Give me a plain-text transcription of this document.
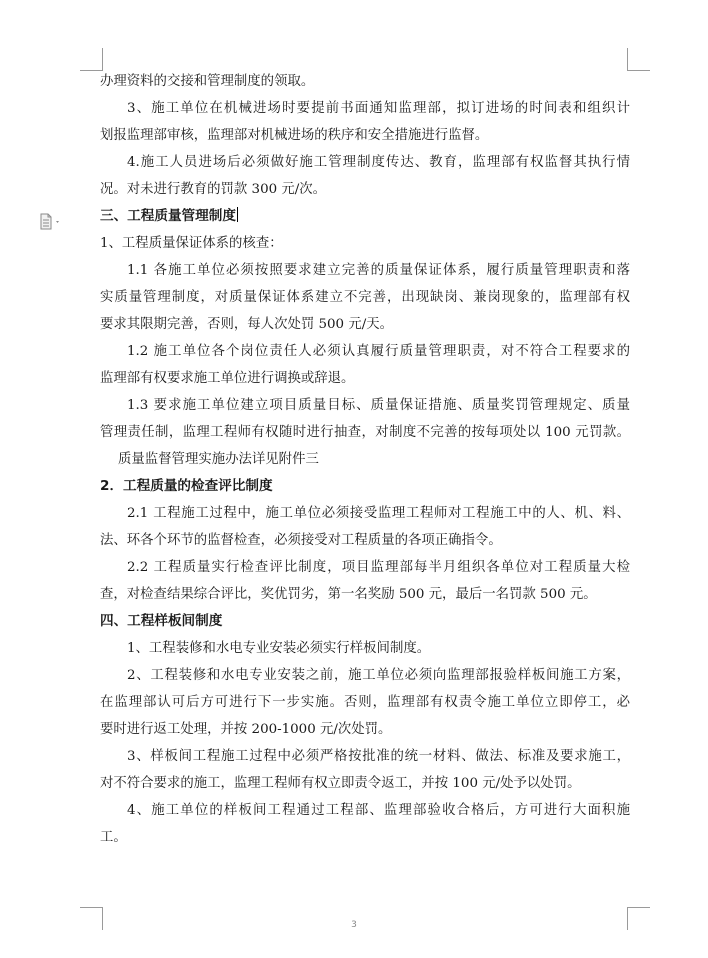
办理资料的交接和管理制度的领取。
3、施工单位在机械进场时要提前书面通知监理部，拟订进场的时间表和组织计
划报监理部审核，监理部对机械进场的秩序和安全措施进行监督。
4.施工人员进场后必须做好施工管理制度传达、教育，监理部有权监督其执行情
况。对未进行教育的罚款 300 元/次。
三、工程质量管理制度
1、工程质量保证体系的核查：
1.1 各施工单位必须按照要求建立完善的质量保证体系，履行质量管理职责和落
实质量管理制度，对质量保证体系建立不完善，出现缺岗、兼岗现象的，监理部有权
要求其限期完善，否则，每人次处罚 500 元/天。
1.2 施工单位各个岗位责任人必须认真履行质量管理职责，对不符合工程要求的
监理部有权要求施工单位进行调换或辞退。
1.3 要求施工单位建立项目质量目标、质量保证措施、质量奖罚管理规定、质量
管理责任制，监理工程师有权随时进行抽查，对制度不完善的按每项处以 100 元罚款。
质量监督管理实施办法详见附件三
2．工程质量的检查评比制度
2.1 工程施工过程中，施工单位必须接受监理工程师对工程施工中的人、机、料、
法、环各个环节的监督检查，必须接受对工程质量的各项正确指令。
2.2 工程质量实行检查评比制度，项目监理部每半月组织各单位对工程质量大检
查，对检查结果综合评比，奖优罚劣，第一名奖励 500 元，最后一名罚款 500 元。
四、工程样板间制度
1、工程装修和水电专业安装必须实行样板间制度。
2、工程装修和水电专业安装之前，施工单位必须向监理部报验样板间施工方案，
在监理部认可后方可进行下一步实施。否则，监理部有权责令施工单位立即停工，必
要时进行返工处理，并按 200-1000 元/次处罚。
3、样板间工程施工过程中必须严格按批准的统一材料、做法、标准及要求施工，
对不符合要求的施工，监理工程师有权立即责令返工，并按 100 元/处予以处罚。
4、施工单位的样板间工程通过工程部、监理部验收合格后，方可进行大面积施
工。
3
